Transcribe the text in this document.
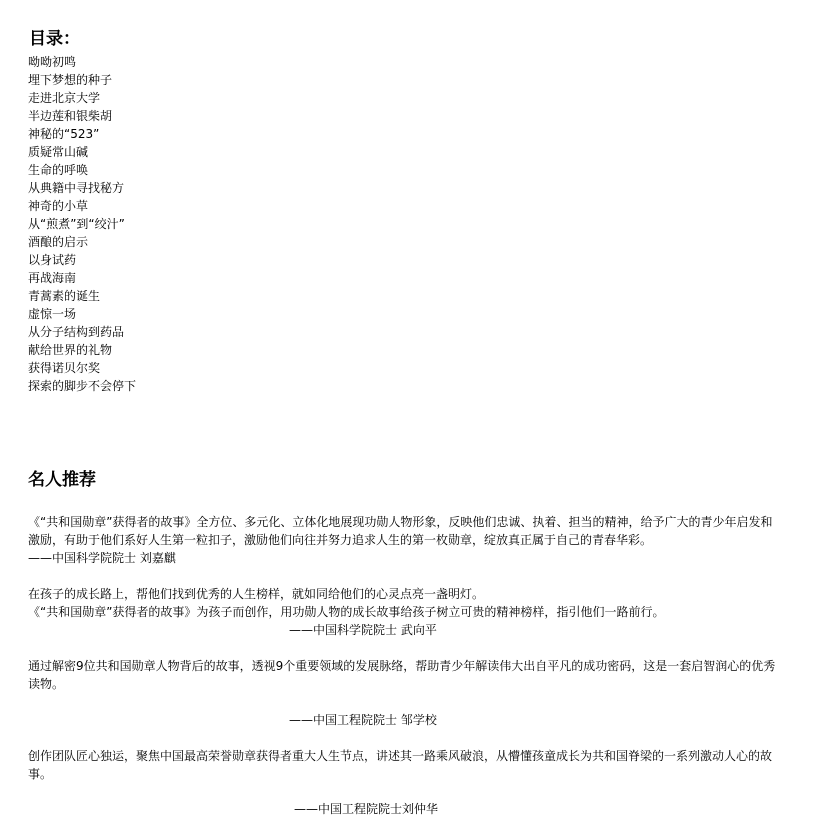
目录：
呦呦初鸣
埋下梦想的种子
走进北京大学
半边莲和银柴胡
神秘的“523”
质疑常山碱
生命的呼唤
从典籍中寻找秘方
神奇的小草
从“煎煮”到“绞汁”
酒酿的启示
以身试药
再战海南
青蒿素的诞生
虚惊一场
从分子结构到药品
献给世界的礼物
获得诺贝尔奖
探索的脚步不会停下
名人推荐
《“共和国勋章”获得者的故事》全方位、多元化、立体化地展现功勋人物形象，反映他们忠诚、执着、担当的精神，给予广大的青少年启发和
激励，有助于他们系好人生第一粒扣子，激励他们向往并努力追求人生的第一枚勋章，绽放真正属于自己的青春华彩。
——中国科学院院士 刘嘉麒
在孩子的成长路上，帮他们找到优秀的人生榜样，就如同给他们的心灵点亮一盏明灯。
《“共和国勋章”获得者的故事》为孩子而创作，用功勋人物的成长故事给孩子树立可贵的精神榜样，指引他们一路前行。
——中国科学院院士 武向平
通过解密9位共和国勋章人物背后的故事，透视9个重要领域的发展脉络，帮助青少年解读伟大出自平凡的成功密码，这是一套启智润心的优秀
读物。
——中国工程院院士 邹学校
创作团队匠心独运，聚焦中国最高荣誉勋章获得者重大人生节点，讲述其一路乘风破浪，从懵懂孩童成长为共和国脊梁的一系列激动人心的故
事。
——中国工程院院士刘仲华
